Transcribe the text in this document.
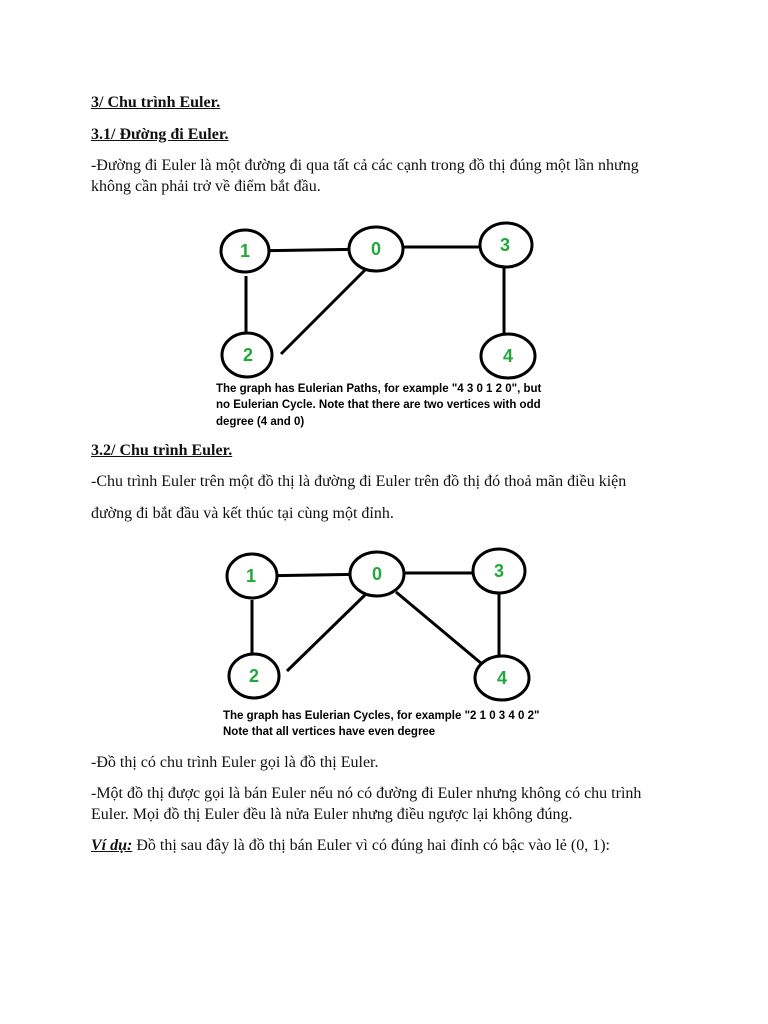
3/ Chu trình Euler.

3.1/ Đường đi Euler.

-Đường đi Euler là một đường đi qua tất cả các cạnh trong đồ thị đúng một lần nhưng

không cần phải trở về điểm bắt đầu.

1	0	3
2	4
The graph has Eulerian Paths, for example "4 3 0 1 2 0", but
no Eulerian Cycle. Note that there are two vertices with odd
degree (4 and 0)

3.2/ Chu trình Euler.

-Chu trình Euler trên một đồ thị là đường đi Euler trên đồ thị đó thoả mãn điều kiện

đường đi bắt đầu và kết thúc tại cùng một đỉnh.

1	0	3
2	4
The graph has Eulerian Cycles, for example "2 1 0 3 4 0 2"
Note that all vertices have even degree

-Đồ thị có chu trình Euler gọi là đồ thị Euler.

-Một đồ thị được gọi là bán Euler nếu nó có đường đi Euler nhưng không có chu trình

Euler. Mọi đồ thị Euler đều là nửa Euler nhưng điều ngược lại không đúng.

Ví dụ: Đồ thị sau đây là đồ thị bán Euler vì có đúng hai đỉnh có bậc vào lẻ (0, 1):
